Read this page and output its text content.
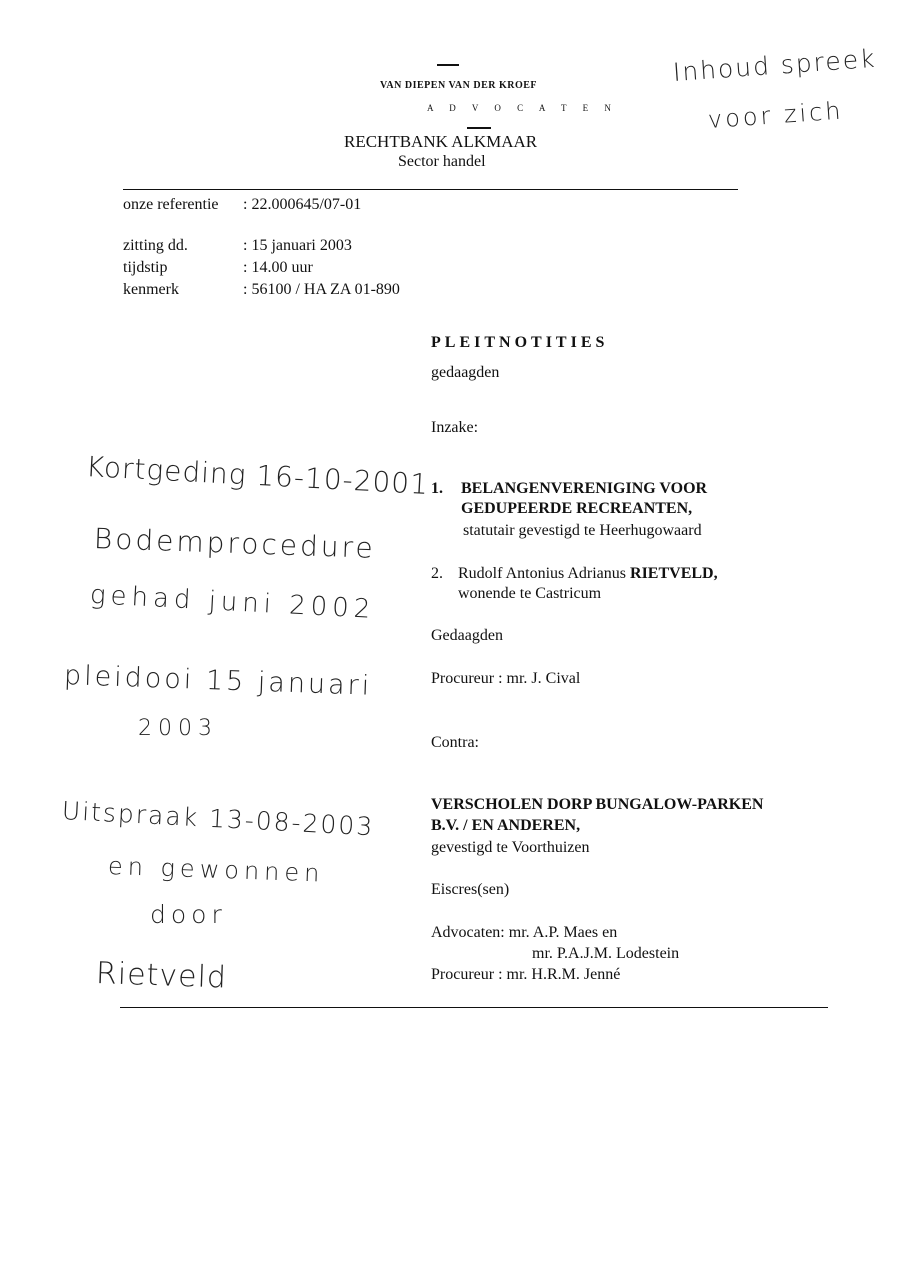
VAN DIEPEN VAN DER KROEF
A D V O C A T E N
RECHTBANK ALKMAAR
Sector handel
onze referentie : 22.000645/07-01
zitting dd.	: 15 januari 2003
tijdstip	: 14.00 uur
kenmerk	: 56100 / HA ZA 01-890
PLEITNOTITIES
gedaagden
Inzake:
1. BELANGENVERENIGING VOOR
GEDUPEERDE RECREANTEN,
statutair gevestigd te Heerhugowaard
2. Rudolf Antonius Adrianus RIETVELD,
wonende te Castricum
Gedaagden
Procureur : mr. J. Cival
Contra:
VERSCHOLEN DORP BUNGALOW-PARKEN
B.V. / EN ANDEREN,
gevestigd te Voorthuizen
Eiscres(sen)
Advocaten: mr. A.P. Maes en
mr. P.A.J.M. Lodestein
Procureur : mr. H.R.M. Jenné
Inhoud spreek
voor zich
Kortgeding 16-10-2001
Bodemprocedure
gehad juni 2002
pleidooi 15 januari
2003
Uitspraak 13-08-2003
en gewonnen
door
Rietveld
